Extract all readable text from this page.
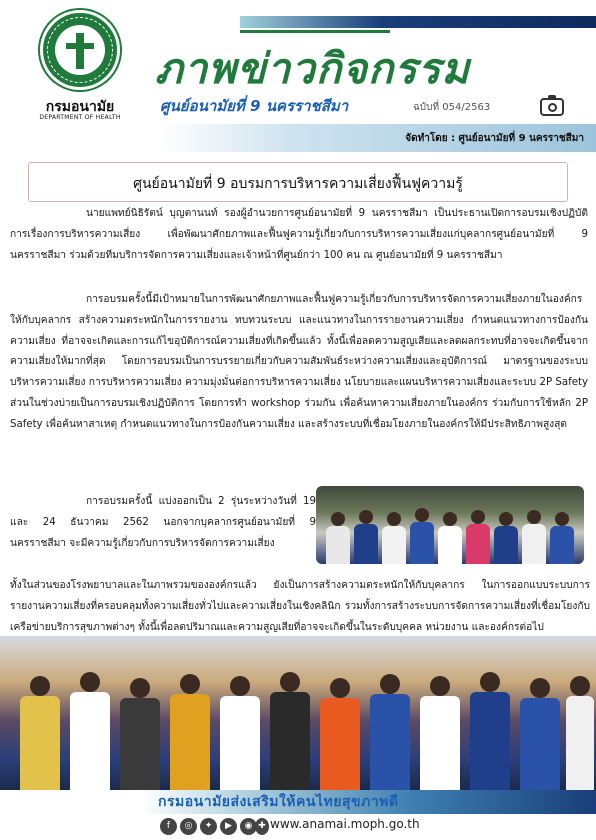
กรมอนามัย
DEPARTMENT OF HEALTH
ภาพข่าวกิจกรรม
ศูนย์อนามัยที่ 9 นครราชสีมา	ฉบับที่ 054/2563
จัดทำโดย : ศูนย์อนามัยที่ 9 นครราชสีมา
ศูนย์อนามัยที่ 9 อบรมการบริหารความเสี่ยงฟื้นฟูความรู้
นายแพทย์นิธิรัตน์ บุญตานนท์ รองผู้อำนวยการศูนย์อนามัยที่ 9 นครราชสีมา เป็นประธานเปิดการอบรมเชิงปฏิบัติการเรื่องการบริหารความเสี่ยง เพื่อพัฒนาศักยภาพและฟื้นฟูความรู้เกี่ยวกับการบริหารความเสี่ยงแก่บุคลากรศูนย์อนามัยที่ 9 นครราชสีมา ร่วมด้วยทีมบริการจัดการความเสี่ยงและเจ้าหน้าที่ศูนย์กว่า 100 คน ณ ศูนย์อนามัยที่ 9 นครราชสีมา
การอบรมครั้งนี้มีเป้าหมายในการพัฒนาศักยภาพและฟื้นฟูความรู้เกี่ยวกับการบริหารจัดการความเสี่ยงภายในองค์กรให้กับบุคลากร สร้างความตระหนักในการรายงาน ทบทวนระบบ และแนวทางในการรายงานความเสี่ยง กำหนดแนวทางการป้องกันความเสี่ยง ที่อาจจะเกิดและการแก้ไขอุบัติการณ์ความเสี่ยงที่เกิดขึ้นแล้ว ทั้งนี้เพื่อลดความสูญเสียและลดผลกระทบที่อาจจะเกิดขึ้นจากความเสี่ยงให้มากที่สุด โดยการอบรมเป็นการบรรยายเกี่ยวกับความสัมพันธ์ระหว่างความเสี่ยงและอุบัติการณ์ มาตรฐานของระบบบริหารความเสี่ยง การบริหารความเสี่ยง ความมุ่งมั่นต่อการบริหารความเสี่ยง นโยบายและแผนบริหารความเสี่ยงและระบบ 2P Safety ส่วนในช่วงบ่ายเป็นการอบรมเชิงปฏิบัติการ โดยการทำ workshop ร่วมกัน เพื่อค้นหาความเสี่ยงภายในองค์กร ร่วมกับการใช้หลัก 2P Safety เพื่อค้นหาสาเหตุ กำหนดแนวทางในการป้องกันความเสี่ยง และสร้างระบบที่เชื่อมโยงภายในองค์กรให้มีประสิทธิภาพสูงสุด
การอบรมครั้งนี้ แบ่งออกเป็น 2 รุ่นระหว่างวันที่ 19 และ 24 ธันวาคม 2562 นอกจากบุคลากรศูนย์อนามัยที่ 9 นครราชสีมา จะมีความรู้เกี่ยวกับการบริหารจัดการความเสี่ยง
ทั้งในส่วนของโรงพยาบาลและในภาพรวมขององค์กรแล้ว ยังเป็นการสร้างความตระหนักให้กับบุคลากร ในการออกแบบระบบการรายงานความเสี่ยงที่ครอบคลุมทั้งความเสี่ยงทั่วไปและความเสี่ยงในเชิงคลินิก รวมทั้งการสร้างระบบการจัดการความเสี่ยงที่เชื่อมโยงกับเครือข่ายบริการสุขภาพต่างๆ ทั้งนี้เพื่อลดปริมาณและความสูญเสียที่อาจจะเกิดขึ้นในระดับบุคคล หน่วยงาน และองค์กรต่อไป
กรมอนามัยส่งเสริมให้คนไทยสุขภาพดี
f	◎	✦	▶	◉ ✚ www.anamai.moph.go.th
